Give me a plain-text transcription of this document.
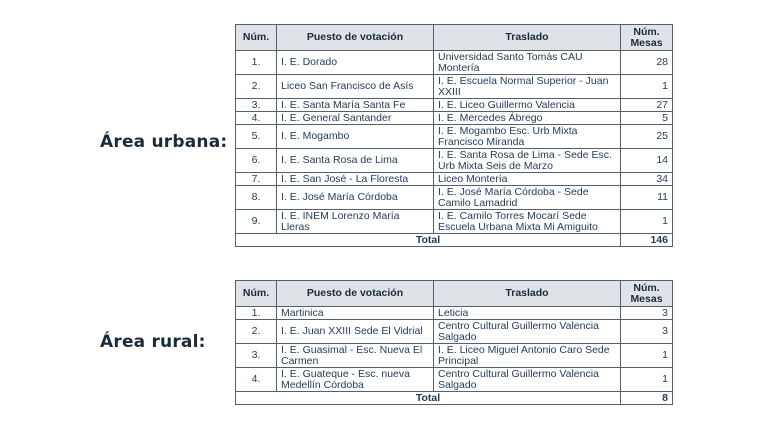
Área urbana:
Área rural:
Núm.	Puesto de votación	Traslado	Núm. Mesas
1.	I. E. Dorado	Universidad Santo Tomás CAU Montería	28
2.	Liceo San Francisco de Asís	I. E. Escuela Normal Superior - Juan XXIII	1
3.	I. E. Santa María Santa Fe	I. E. Liceo Guillermo Valencia	27
4.	I. E. General Santander	I. E. Mercedes Ábrego	5
5.	I. E. Mogambo	I. E. Mogambo Esc. Urb Mixta Francisco Miranda	25
6.	I. E. Santa Rosa de Lima	I. E. Santa Rosa de Lima - Sede Esc. Urb Mixta Seis de Marzo	14
7.	I. E. San José - La Floresta	Liceo Montería	34
8.	I. E. José María Córdoba	I. E. José María Córdoba - Sede Camilo Lamadrid	11
9.	I. E. INEM Lorenzo María Lleras	I. E. Camilo Torres Mocarí Sede Escuela Urbana Mixta Mi Amiguito	1
Total			146
Núm.	Puesto de votación	Traslado	Núm. Mesas
1.	Martinica	Leticia	3
2.	I. E. Juan XXIII Sede El Vidrial	Centro Cultural Guillermo Valencia Salgado	3
3.	I. E. Guasimal - Esc. Nueva El Carmen	I. E. Liceo Miguel Antonio Caro Sede Principal	1
4.	I. E. Guateque - Esc. nueva Medellín Córdoba	Centro Cultural Guillermo Valencia Salgado	1
Total			8
